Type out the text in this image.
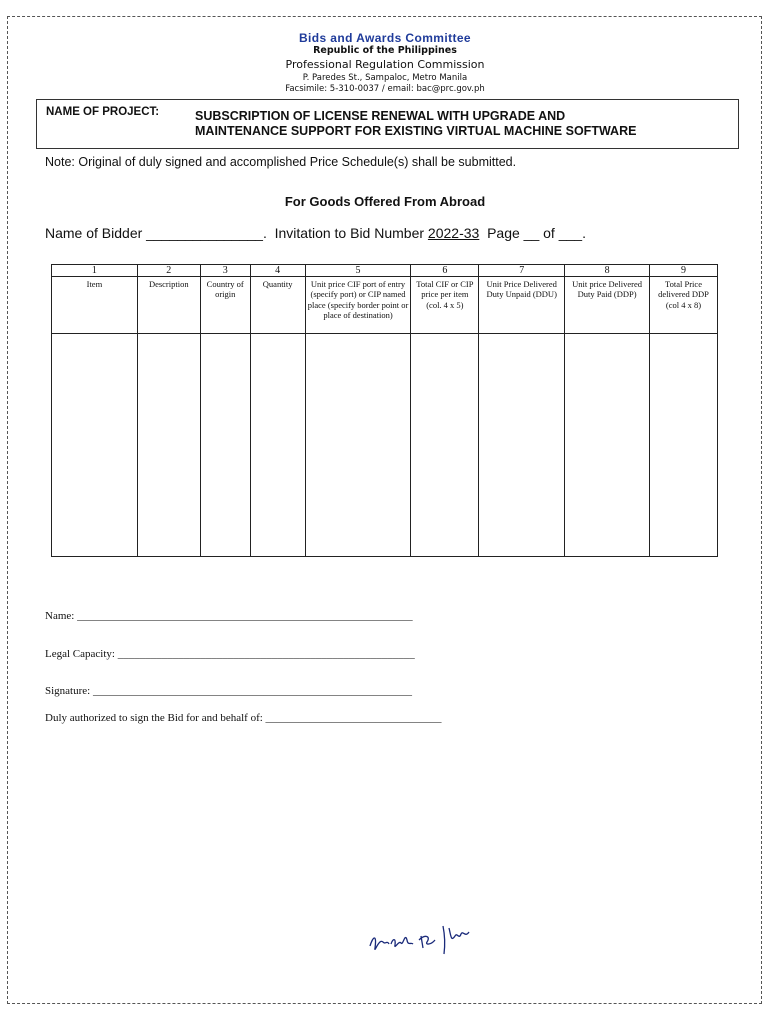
Bids and Awards Committee
Republic of the Philippines
Professional Regulation Commission
P. Paredes St., Sampaloc, Metro Manila
Facsimile: 5-310-0037 / email: bac@prc.gov.ph
NAME OF PROJECT:	SUBSCRIPTION OF LICENSE RENEWAL WITH UPGRADE AND
MAINTENANCE SUPPORT FOR EXISTING VIRTUAL MACHINE SOFTWARE
Note: Original of duly signed and accomplished Price Schedule(s) shall be submitted.
For Goods Offered From Abroad
Name of Bidder _______________.  Invitation to Bid Number 2022-33  Page __ of ___.
1	2	3	4	5	6	7	8	9
Item	Description	Country of origin	Quantity	Unit price CIF port of entry (specify port) or CIP named place (specify border point or place of destination)	Total CIF or CIP price per item (col. 4 x 5)	Unit Price Delivered Duty Unpaid (DDU)	Unit price Delivered Duty Paid (DDP)	Total Price delivered DDP (col 4 x 8)

Name: _____________________________________________________________
Legal Capacity: ______________________________________________________
Signature: __________________________________________________________
Duly authorized to sign the Bid for and behalf of: ________________________________
